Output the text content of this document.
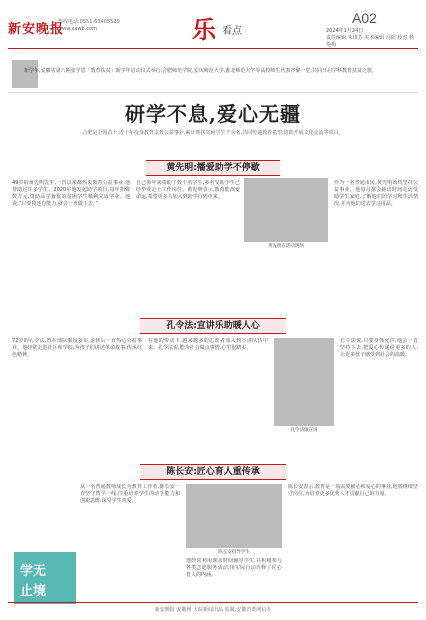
新安晚报
热线电话:0551-63405520
www.xawb.com	乐 看点
A02
2024年1月24日
责任编辑 朱琪芳 美术编辑 冯阳 校对 杨艳梅
新学年,安徽省第八期张学思「教育扶贫」新学年启动仪式举行,合肥师范学院,安庆师范大学,淮北师范大学等高校师生代表齐聚一堂,共同开启学科教育扶贫之旅。
研学不息,爱心无疆
合肥是全国首个,近十年投身教育支教公益事业,累计帮扶贫困学生千余名,共同传递教育希望,资助开展文化交流等项目。
黄先明:播爱助学不停歇
49岁的黄先明先生,一直以来都热衷教育公益事业,他帮助过许多学生。2020年他发起助学项目,每年捐资数万元,资助品学兼优的贫困学生顺利完成学业。他说:“只要我还有能力,就会一直做下去。”
自己多年来资助了数十名学生,多名受助学生已经毕业走上工作岗位。黄先明表示,教育能改变命运,希望更多人加入到助学行列中来。
黄先明在活动现场
作为一名普通市民,黄先明始终坚持公益事业。他每月都会抽出时间走访受助学生家庭,了解他们的学习和生活情况,并为他们送去学习用品。
孔令法:宣讲乐助暖人心
72岁的孔令法,曾在部队服役多年,退休后一直热心公益事业。他经常走进社区和学校,为孩子们讲述革命故事,传承红色精神。
在他的带动下,越来越多的志愿者加入到宣讲队伍中来。孔令法说,能为社会做点事情,心里很踏实。
孔令法做宣讲
孔令法说,只要身体允许,他会一直坚持下去,把爱心传递给更多的人,让更多孩子感受到社会的温暖。
陈长安:匠心育人重传承
从一名普通教师成长为教育工作者,陈长安一直坚守教学一线,注重培养学生的动手能力和创新思维,深受学生喜爱。
陈长安指导学生
他经常利用课余时间辅导学生,并积极参与各类志愿服务活动,用实际行动诠释了匠心育人的内涵。
陈长安表示,教育是一项需要耐心和爱心的事业,他将继续坚守岗位,为培养更多优秀人才贡献自己的力量。
学无
止境
新安晚报 安徽网 大皖新闻出品 监制:安徽省委网信办
